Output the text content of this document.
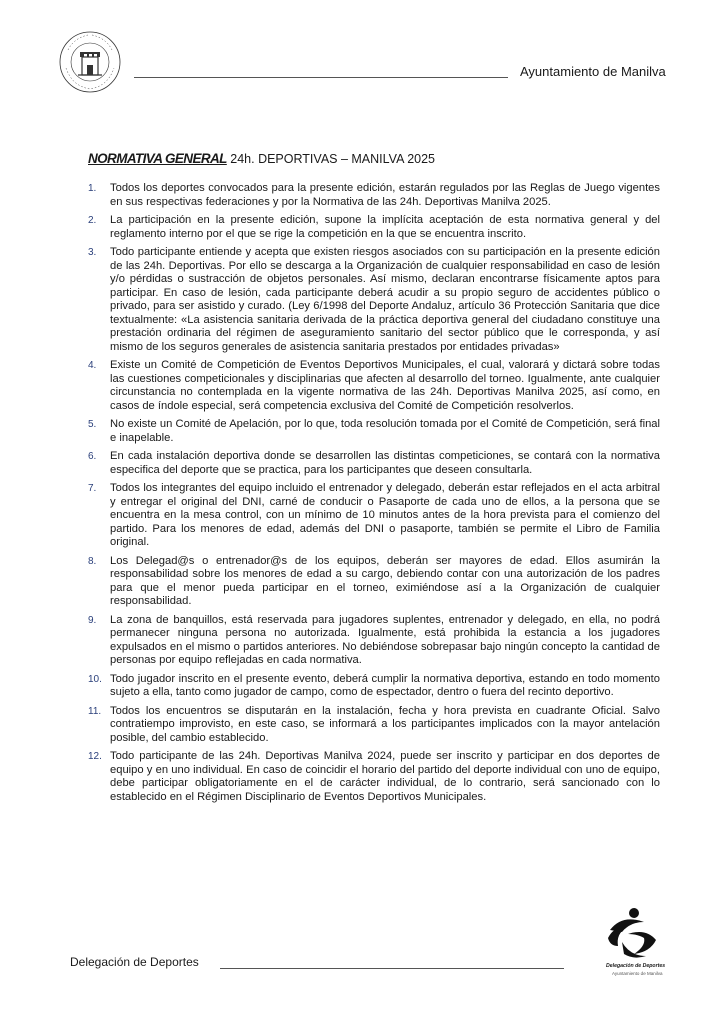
Ayuntamiento de Manilva
NORMATIVA GENERAL 24h. DEPORTIVAS – MANILVA 2025
1. Todos los deportes convocados para la presente edición, estarán regulados por las Reglas de Juego vigentes en sus respectivas federaciones y por la Normativa de las 24h. Deportivas Manilva 2025.
2. La participación en la presente edición, supone la implícita aceptación de esta normativa general y del reglamento interno por el que se rige la competición en la que se encuentra inscrito.
3. Todo participante entiende y acepta que existen riesgos asociados con su participación en la presente edición de las 24h. Deportivas. Por ello se descarga a la Organización de cualquier responsabilidad en caso de lesión y/o pérdidas o sustracción de objetos personales. Así mismo, declaran encontrarse físicamente aptos para participar. En caso de lesión, cada participante deberá acudir a su propio seguro de accidentes público o privado, para ser asistido y curado. (Ley 6/1998 del Deporte Andaluz, artículo 36 Protección Sanitaria que dice textualmente: «La asistencia sanitaria derivada de la práctica deportiva general del ciudadano constituye una prestación ordinaria del régimen de aseguramiento sanitario del sector público que le corresponda, y así mismo de los seguros generales de asistencia sanitaria prestados por entidades privadas»
4. Existe un Comité de Competición de Eventos Deportivos Municipales, el cual, valorará y dictará sobre todas las cuestiones competicionales y disciplinarias que afecten al desarrollo del torneo. Igualmente, ante cualquier circunstancia no contemplada en la vigente normativa de las 24h. Deportivas Manilva 2025, así como, en casos de índole especial, será competencia exclusiva del Comité de Competición resolverlos.
5. No existe un Comité de Apelación, por lo que, toda resolución tomada por el Comité de Competición, será final e inapelable.
6. En cada instalación deportiva donde se desarrollen las distintas competiciones, se contará con la normativa especifica del deporte que se practica, para los participantes que deseen consultarla.
7. Todos los integrantes del equipo incluido el entrenador y delegado, deberán estar reflejados en el acta arbitral y entregar el original del DNI, carné de conducir o Pasaporte de cada uno de ellos, a la persona que se encuentra en la mesa control, con un mínimo de 10 minutos antes de la hora prevista para el comienzo del partido. Para los menores de edad, además del DNI o pasaporte, también se permite el Libro de Familia original.
8. Los Delegad@s o entrenador@s de los equipos, deberán ser mayores de edad. Ellos asumirán la responsabilidad sobre los menores de edad a su cargo, debiendo contar con una autorización de los padres para que el menor pueda participar en el torneo, eximiéndose así a la Organización de cualquier responsabilidad.
9. La zona de banquillos, está reservada para jugadores suplentes, entrenador y delegado, en ella, no podrá permanecer ninguna persona no autorizada. Igualmente, está prohibida la estancia a los jugadores expulsados en el mismo o partidos anteriores. No debiéndose sobrepasar bajo ningún concepto la cantidad de personas por equipo reflejadas en cada normativa.
10. Todo jugador inscrito en el presente evento, deberá cumplir la normativa deportiva, estando en todo momento sujeto a ella, tanto como jugador de campo, como de espectador, dentro o fuera del recinto deportivo.
11. Todos los encuentros se disputarán en la instalación, fecha y hora prevista en cuadrante Oficial. Salvo contratiempo improvisto, en este caso, se informará a los participantes implicados con la mayor antelación posible, del cambio establecido.
12. Todo participante de las 24h. Deportivas Manilva 2024, puede ser inscrito y participar en dos deportes de equipo y en uno individual. En caso de coincidir el horario del partido del deporte individual con uno de equipo, debe participar obligatoriamente en el de carácter individual, de lo contrario, será sancionado con lo establecido en el Régimen Disciplinario de Eventos Deportivos Municipales.
Delegación de Deportes	Delegación de Deportes
Ayuntamiento de Manilva
